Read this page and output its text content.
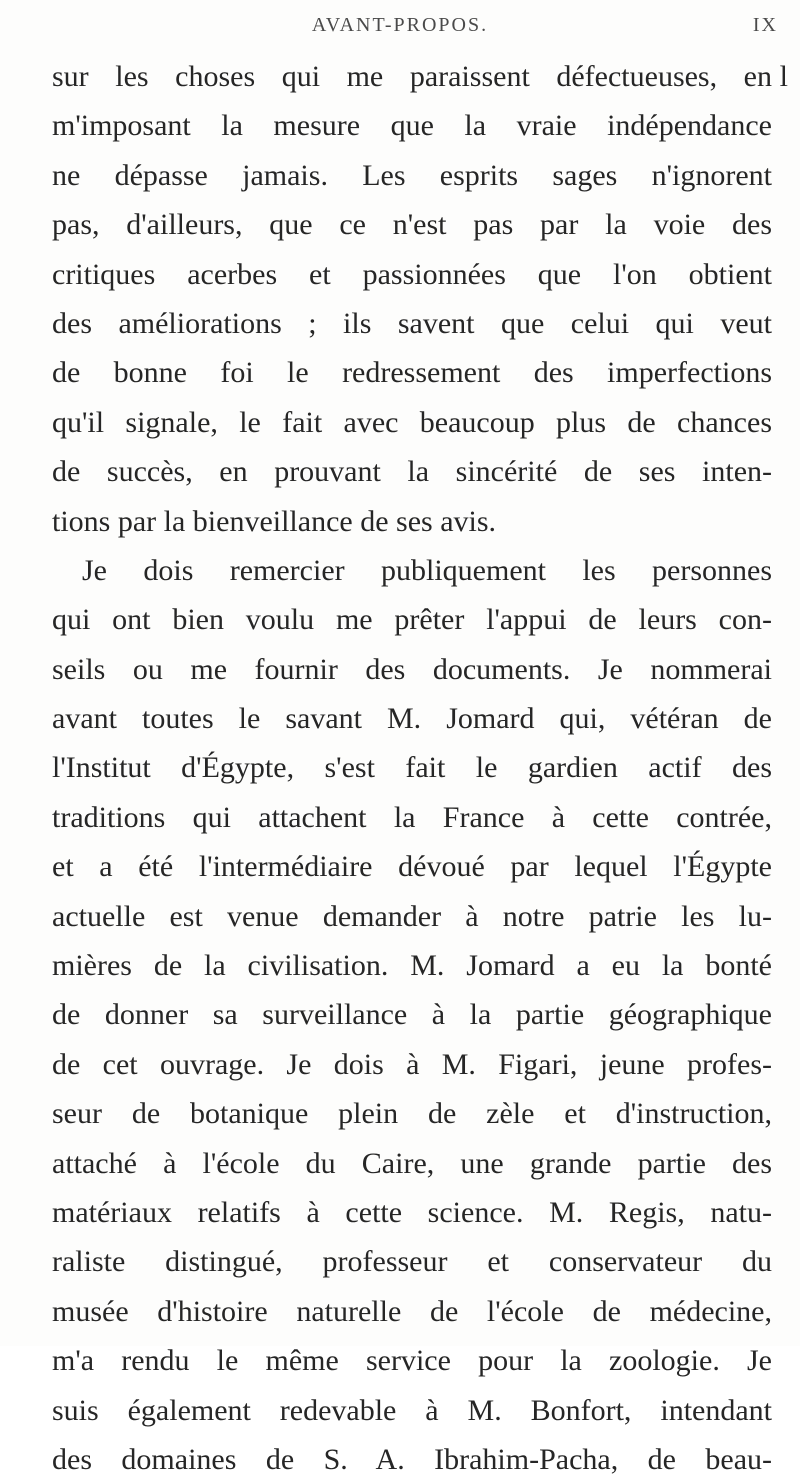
AVANT-PROPOS.	IX
l
sur les choses qui me paraissent défectueuses, en
m'imposant la mesure que la vraie indépendance
ne dépasse jamais. Les esprits sages n'ignorent
pas, d'ailleurs, que ce n'est pas par la voie des
critiques acerbes et passionnées que l'on obtient
des améliorations ; ils savent que celui qui veut
de bonne foi le redressement des imperfections
qu'il signale, le fait avec beaucoup plus de chances
de succès, en prouvant la sincérité de ses inten-
tions par la bienveillance de ses avis.
Je dois remercier publiquement les personnes
qui ont bien voulu me prêter l'appui de leurs con-
seils ou me fournir des documents. Je nommerai
avant toutes le savant M. Jomard qui, vétéran de
l'Institut d'Égypte, s'est fait le gardien actif des
traditions qui attachent la France à cette contrée,
et a été l'intermédiaire dévoué par lequel l'Égypte
actuelle est venue demander à notre patrie les lu-
mières de la civilisation. M. Jomard a eu la bonté
de donner sa surveillance à la partie géographique
de cet ouvrage. Je dois à M. Figari, jeune profes-
seur de botanique plein de zèle et d'instruction,
attaché à l'école du Caire, une grande partie des
matériaux relatifs à cette science. M. Regis, natu-
raliste distingué, professeur et conservateur du
musée d'histoire naturelle de l'école de médecine,
m'a rendu le même service pour la zoologie. Je
suis également redevable à M. Bonfort, intendant
des domaines de S. A. Ibrahim-Pacha, de beau-
